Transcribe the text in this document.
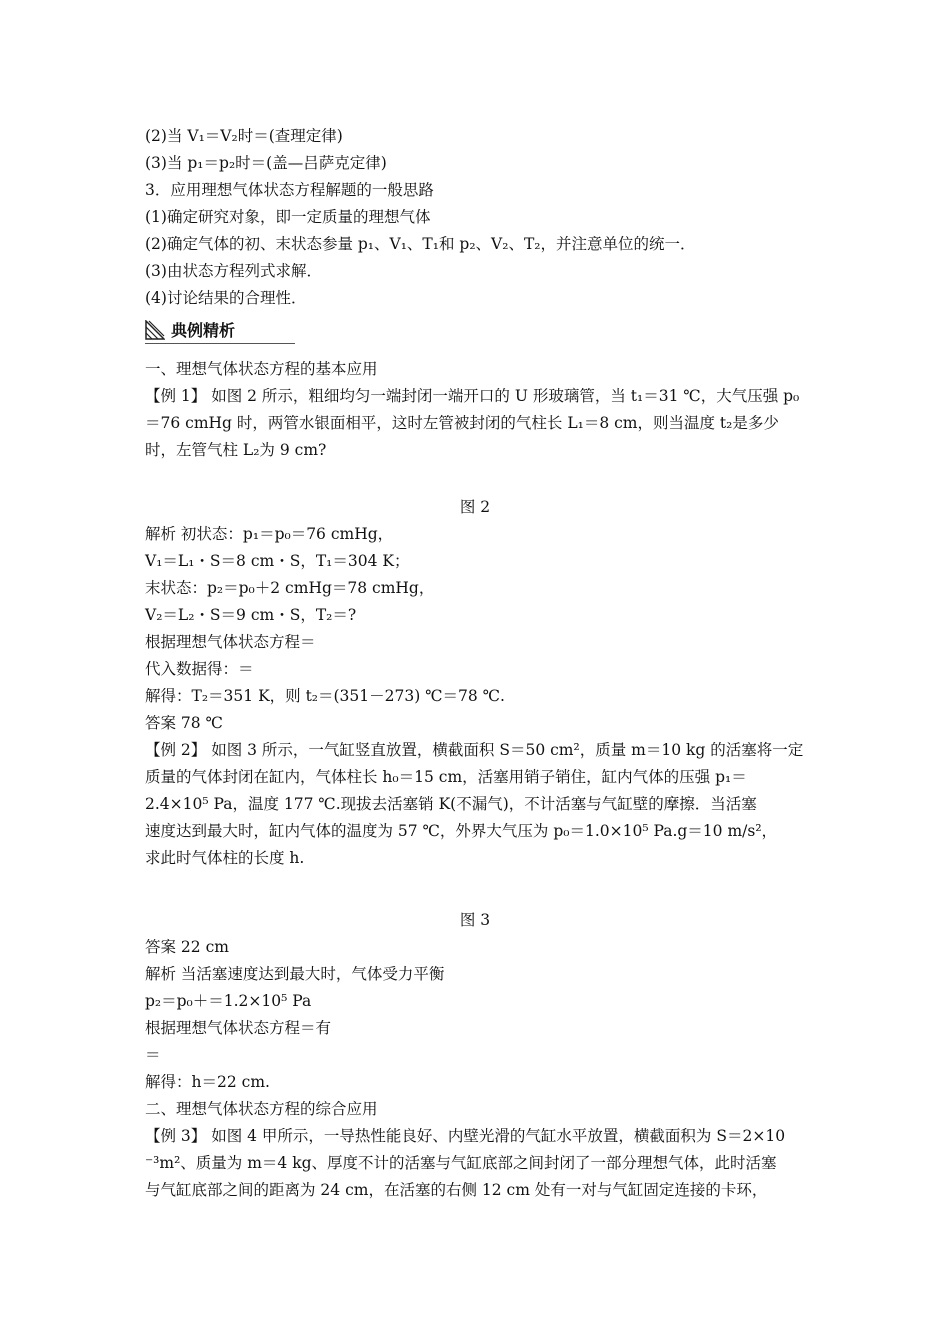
(2)当 V₁＝V₂时＝(查理定律)
(3)当 p₁＝p₂时＝(盖—吕萨克定律)
3．应用理想气体状态方程解题的一般思路
(1)确定研究对象，即一定质量的理想气体
(2)确定气体的初、末状态参量 p₁、V₁、T₁和 p₂、V₂、T₂，并注意单位的统一．
(3)由状态方程列式求解．
(4)讨论结果的合理性．
典例精析
一、理想气体状态方程的基本应用
【例 1】 如图 2 所示，粗细均匀一端封闭一端开口的 U 形玻璃管，当 t₁＝31 ℃，大气压强 p₀
＝76 cmHg 时，两管水银面相平，这时左管被封闭的气柱长 L₁＝8 cm，则当温度 t₂是多少
时，左管气柱 L₂为 9 cm?
图 2
解析 初状态：p₁＝p₀＝76 cmHg，
V₁＝L₁・S＝8 cm・S，T₁＝304 K；
末状态：p₂＝p₀＋2 cmHg＝78 cmHg，
V₂＝L₂・S＝9 cm・S，T₂＝?
根据理想气体状态方程＝
代入数据得：＝
解得：T₂＝351 K，则 t₂＝(351－273) ℃＝78 ℃.
答案 78 ℃
【例 2】 如图 3 所示，一气缸竖直放置，横截面积 S＝50 cm²，质量 m＝10 kg 的活塞将一定
质量的气体封闭在缸内，气体柱长 h₀＝15 cm，活塞用销子销住，缸内气体的压强 p₁＝
2.4×10⁵ Pa，温度 177 ℃.现拔去活塞销 K(不漏气)，不计活塞与气缸壁的摩擦．当活塞
速度达到最大时，缸内气体的温度为 57 ℃，外界大气压为 p₀＝1.0×10⁵ Pa.g＝10 m/s²，
求此时气体柱的长度 h.
图 3
答案 22 cm
解析 当活塞速度达到最大时，气体受力平衡
p₂＝p₀＋＝1.2×10⁵ Pa
根据理想气体状态方程＝有
＝
解得：h＝22 cm.
二、理想气体状态方程的综合应用
【例 3】 如图 4 甲所示，一导热性能良好、内壁光滑的气缸水平放置，横截面积为 S＝2×10
⁻³m²、质量为 m＝4 kg、厚度不计的活塞与气缸底部之间封闭了一部分理想气体，此时活塞
与气缸底部之间的距离为 24 cm，在活塞的右侧 12 cm 处有一对与气缸固定连接的卡环，
